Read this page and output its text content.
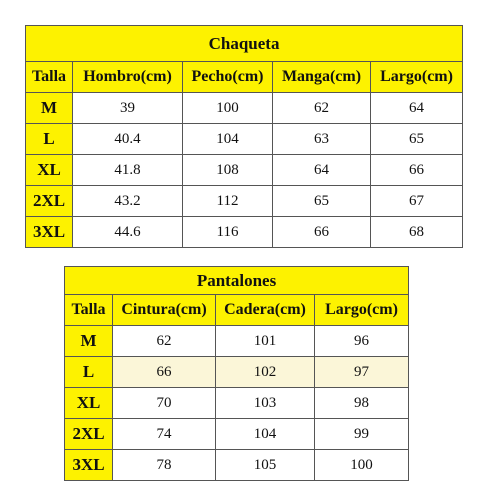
Chaqueta				
Talla	Hombro(cm)	Pecho(cm)	Manga(cm)	Largo(cm)
M	39	100	62	64
L	40.4	104	63	65
XL	41.8	108	64	66
2XL	43.2	112	65	67
3XL	44.6	116	66	68
Pantalones			
Talla	Cintura(cm)	Cadera(cm)	Largo(cm)
M	62	101	96
L	66	102	97
XL	70	103	98
2XL	74	104	99
3XL	78	105	100
